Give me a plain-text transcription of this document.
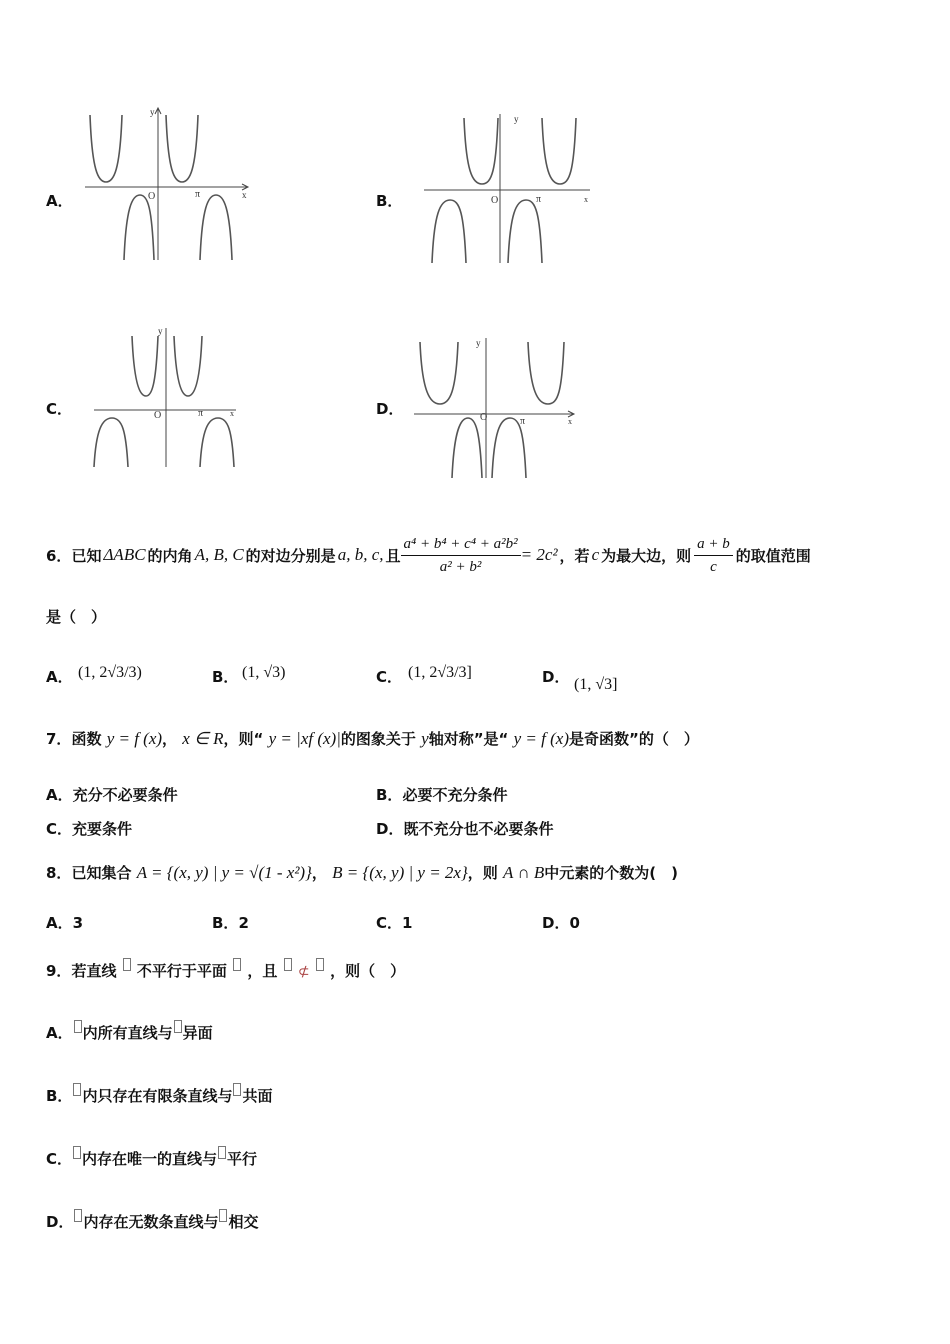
A．
y
x
O	π	B．
y
x
O	π
C．
y
x
O	π	D．
y
x
O	π
6． 已知 ΔABC 的内角 A, B, C 的对边分别是 a, b, c, 且 $\frac{\text{a⁴ + b⁴ + c⁴ + a²b²}}{\text{a² + b²}} = 2c^2$ ，若 c 为最大边，则 $\frac{a + b}{c}$ 的取值范围
是（　）
A． (1, 2√3/3)	B． (1, √3)	C． (1, 2√3/3]	D． (1, √3]
7．函数 y = f (x)， x ∈ R，则“ y = |xf (x)|的图象关于 y轴对称”是“ y = f (x)是奇函数”的（　）
A．充分不必要条件	B．必要不充分条件
C．充要条件	D．既不充分也不必要条件
8．已知集合 A = {(x, y) | y = √(1 - x²)}， B = {(x, y) | y = 2x}，则 A ∩ B中元素的个数为(　)
A．3	B．2	C．1	D．0
9．若直线 不平行于平面 ，且 ⊄ ，则（　）
A． 内所有直线与 异面
B． 内只存在有限条直线与 共面
C． 内存在唯一的直线与 平行
D． 内存在无数条直线与 相交
